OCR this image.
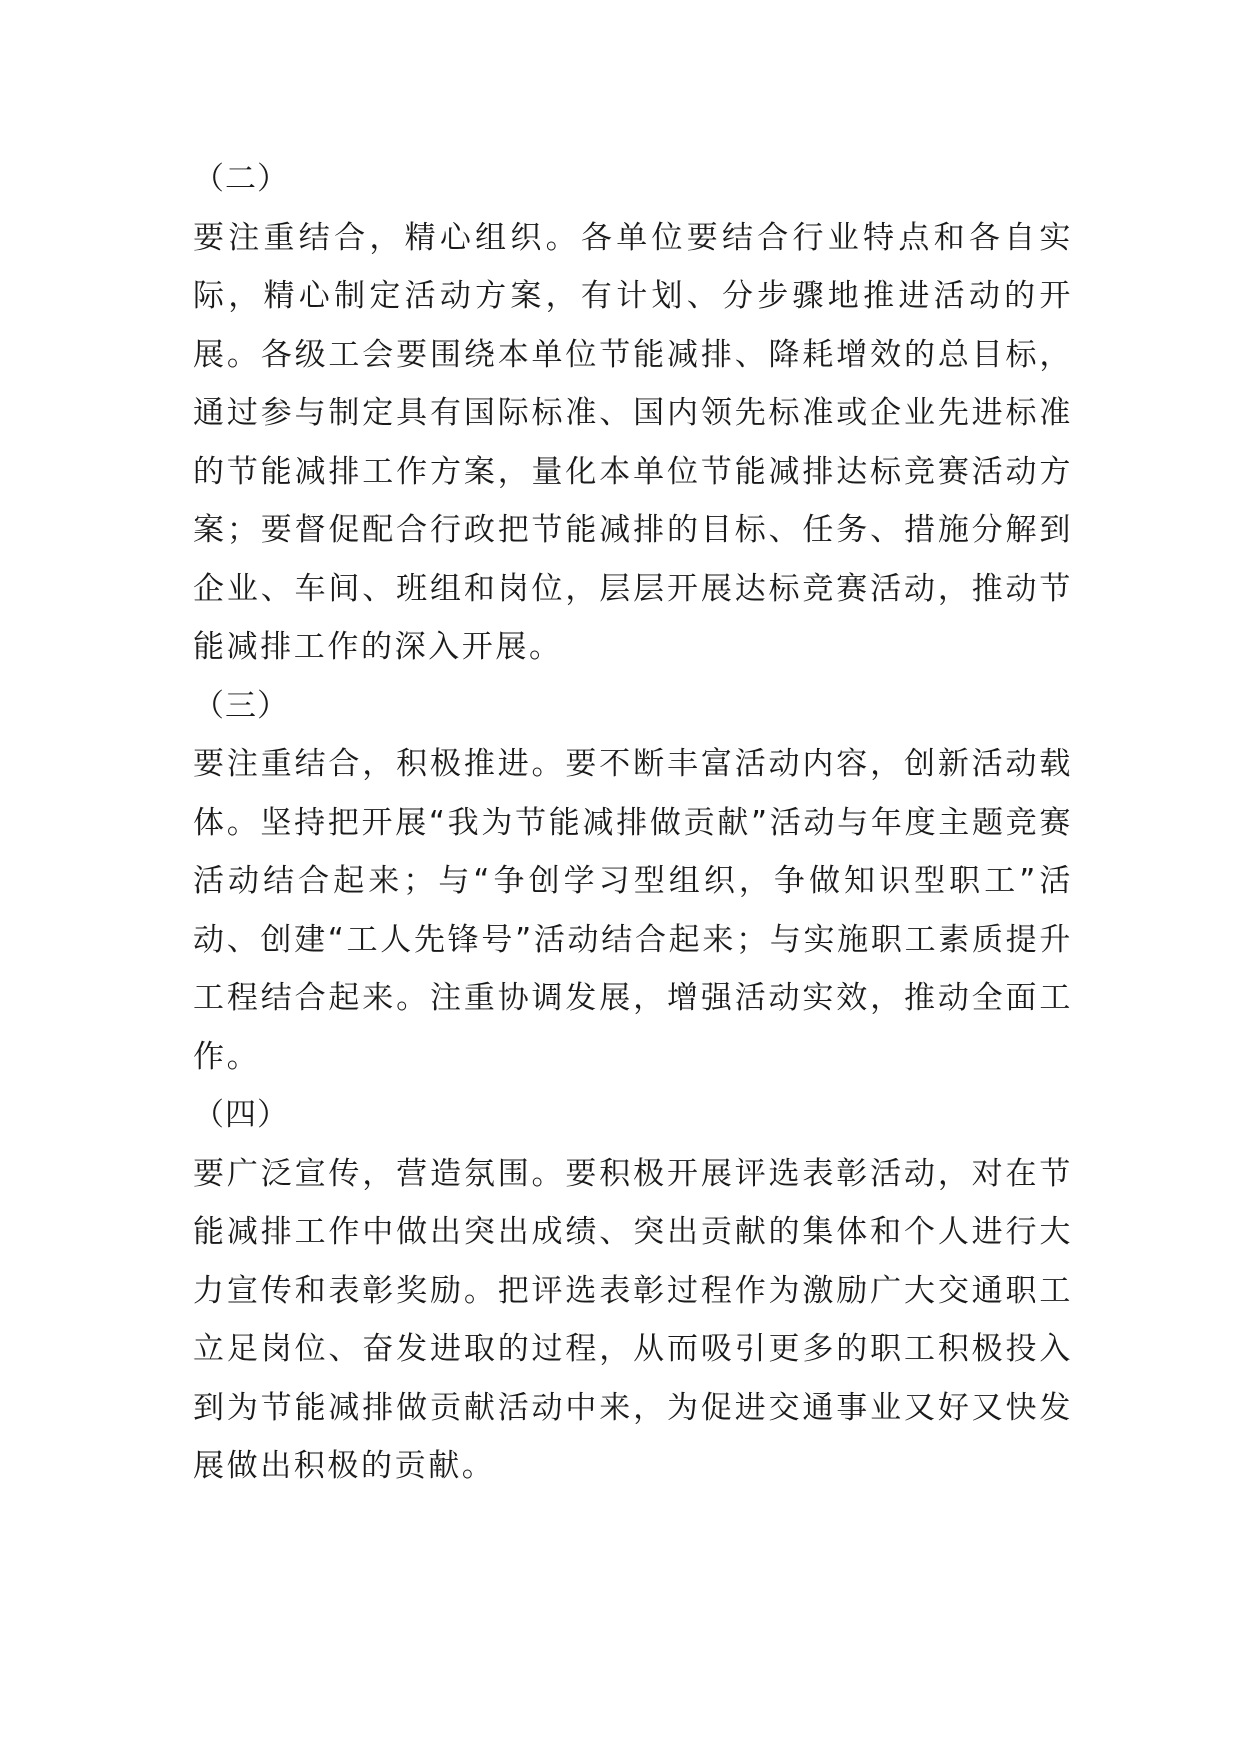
（二）
要注重结合，精心组织。各单位要结合行业特点和各自实际，精心制定活动方案，有计划、分步骤地推进活动的开展。各级工会要围绕本单位节能减排、降耗增效的总目标，通过参与制定具有国际标准、国内领先标准或企业先进标准的节能减排工作方案，量化本单位节能减排达标竞赛活动方案；要督促配合行政把节能减排的目标、任务、措施分解到企业、车间、班组和岗位，层层开展达标竞赛活动，推动节能减排工作的深入开展。
（三）
要注重结合，积极推进。要不断丰富活动内容，创新活动载体。坚持把开展“我为节能减排做贡献”活动与年度主题竞赛活动结合起来；与“争创学习型组织，争做知识型职工”活动、创建“工人先锋号”活动结合起来；与实施职工素质提升工程结合起来。注重协调发展，增强活动实效，推动全面工作。
（四）
要广泛宣传，营造氛围。要积极开展评选表彰活动，对在节能减排工作中做出突出成绩、突出贡献的集体和个人进行大力宣传和表彰奖励。把评选表彰过程作为激励广大交通职工立足岗位、奋发进取的过程，从而吸引更多的职工积极投入到为节能减排做贡献活动中来，为促进交通事业又好又快发展做出积极的贡献。
